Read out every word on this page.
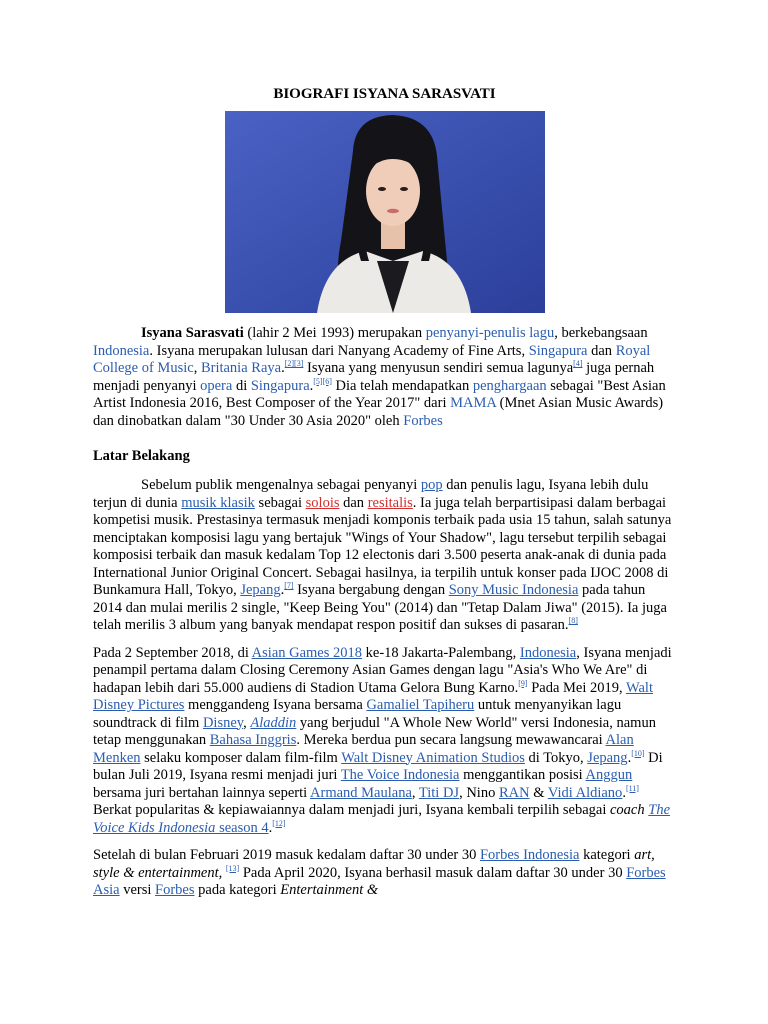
BIOGRAFI ISYANA SARASVATI

Isyana Sarasvati (lahir 2 Mei 1993) merupakan penyanyi-penulis lagu, berkebangsaan Indonesia. Isyana merupakan lulusan dari Nanyang Academy of Fine Arts, Singapura dan Royal College of Music, Britania Raya.[2][3] Isyana yang menyusun sendiri semua lagunya[4] juga pernah menjadi penyanyi opera di Singapura.[5][6] Dia telah mendapatkan penghargaan sebagai "Best Asian Artist Indonesia 2016, Best Composer of the Year 2017" dari MAMA (Mnet Asian Music Awards) dan dinobatkan dalam "30 Under 30 Asia 2020" oleh Forbes

Latar Belakang

Sebelum publik mengenalnya sebagai penyanyi pop dan penulis lagu, Isyana lebih dulu terjun di dunia musik klasik sebagai solois dan resitalis. Ia juga telah berpartisipasi dalam berbagai kompetisi musik. Prestasinya termasuk menjadi komponis terbaik pada usia 15 tahun, salah satunya menciptakan komposisi lagu yang bertajuk "Wings of Your Shadow", lagu tersebut terpilih sebagai komposisi terbaik dan masuk kedalam Top 12 electonis dari 3.500 peserta anak-anak di dunia pada International Junior Original Concert. Sebagai hasilnya, ia terpilih untuk konser pada IJOC 2008 di Bunkamura Hall, Tokyo, Jepang.[7] Isyana bergabung dengan Sony Music Indonesia pada tahun 2014 dan mulai merilis 2 single, "Keep Being You" (2014) dan "Tetap Dalam Jiwa" (2015). Ia juga telah merilis 3 album yang banyak mendapat respon positif dan sukses di pasaran.[8]

Pada 2 September 2018, di Asian Games 2018 ke-18 Jakarta-Palembang, Indonesia, Isyana menjadi penampil pertama dalam Closing Ceremony Asian Games dengan lagu "Asia's Who We Are" di hadapan lebih dari 55.000 audiens di Stadion Utama Gelora Bung Karno.[9] Pada Mei 2019, Walt Disney Pictures menggandeng Isyana bersama Gamaliel Tapiheru untuk menyanyikan lagu soundtrack di film Disney, Aladdin yang berjudul "A Whole New World" versi Indonesia, namun tetap menggunakan Bahasa Inggris. Mereka berdua pun secara langsung mewawancarai Alan Menken selaku komposer dalam film-film Walt Disney Animation Studios di Tokyo, Jepang.[10] Di bulan Juli 2019, Isyana resmi menjadi juri The Voice Indonesia menggantikan posisi Anggun bersama juri bertahan lainnya seperti Armand Maulana, Titi DJ, Nino RAN & Vidi Aldiano.[11] Berkat popularitas & kepiawaiannya dalam menjadi juri, Isyana kembali terpilih sebagai coach The Voice Kids Indonesia season 4.[12]

Setelah di bulan Februari 2019 masuk kedalam daftar 30 under 30 Forbes Indonesia kategori art, style & entertainment, [13] Pada April 2020, Isyana berhasil masuk dalam daftar 30 under 30 Forbes Asia versi Forbes pada kategori Entertainment &
